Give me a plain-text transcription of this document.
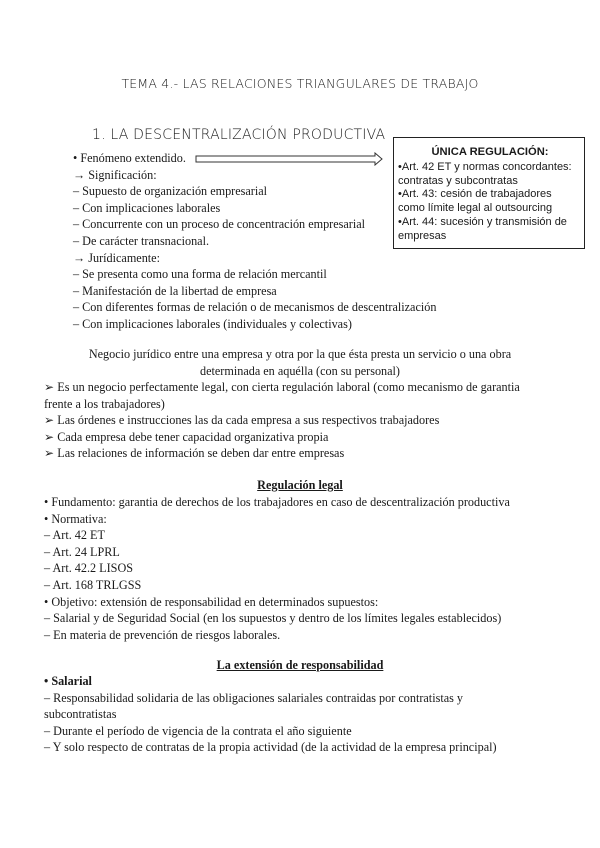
TEMA 4.- LAS RELACIONES TRIANGULARES DE TRABAJO
1. LA DESCENTRALIZACIÓN PRODUCTIVA
• Fenómeno extendido.
→ Significación:
– Supuesto de organización empresarial
– Con implicaciones laborales
– Concurrente con un proceso de concentración empresarial
– De carácter transnacional.
→ Jurídicamente:
– Se presenta como una forma de relación mercantil
– Manifestación de la libertad de empresa
– Con diferentes formas de relación o de mecanismos de descentralización
– Con implicaciones laborales (individuales y colectivas)
ÚNICA REGULACIÓN:
•Art. 42 ET y normas concordantes:
contratas y subcontratas
•Art. 43: cesión de trabajadores
como límite legal al outsourcing
•Art. 44: sucesión y transmisión de
empresas
Negocio jurídico entre una empresa y otra por la que ésta presta un servicio o una obra
determinada en aquélla (con su personal)
➢ Es un negocio perfectamente legal, con cierta regulación laboral (como mecanismo de garantia
frente a los trabajadores)
➢ Las órdenes e instrucciones las da cada empresa a sus respectivos trabajadores
➢ Cada empresa debe tener capacidad organizativa propia
➢ Las relaciones de información se deben dar entre empresas
Regulación legal
• Fundamento: garantia de derechos de los trabajadores en caso de descentralización productiva
• Normativa:
– Art. 42 ET
– Art. 24 LPRL
– Art. 42.2 LISOS
– Art. 168 TRLGSS
• Objetivo: extensión de responsabilidad en determinados supuestos:
– Salarial y de Seguridad Social (en los supuestos y dentro de los límites legales establecidos)
– En materia de prevención de riesgos laborales.
La extensión de responsabilidad
• Salarial
– Responsabilidad solidaria de las obligaciones salariales contraidas por contratistas y
subcontratistas
– Durante el período de vigencia de la contrata el año siguiente
– Y solo respecto de contratas de la propia actividad (de la actividad de la empresa principal)
